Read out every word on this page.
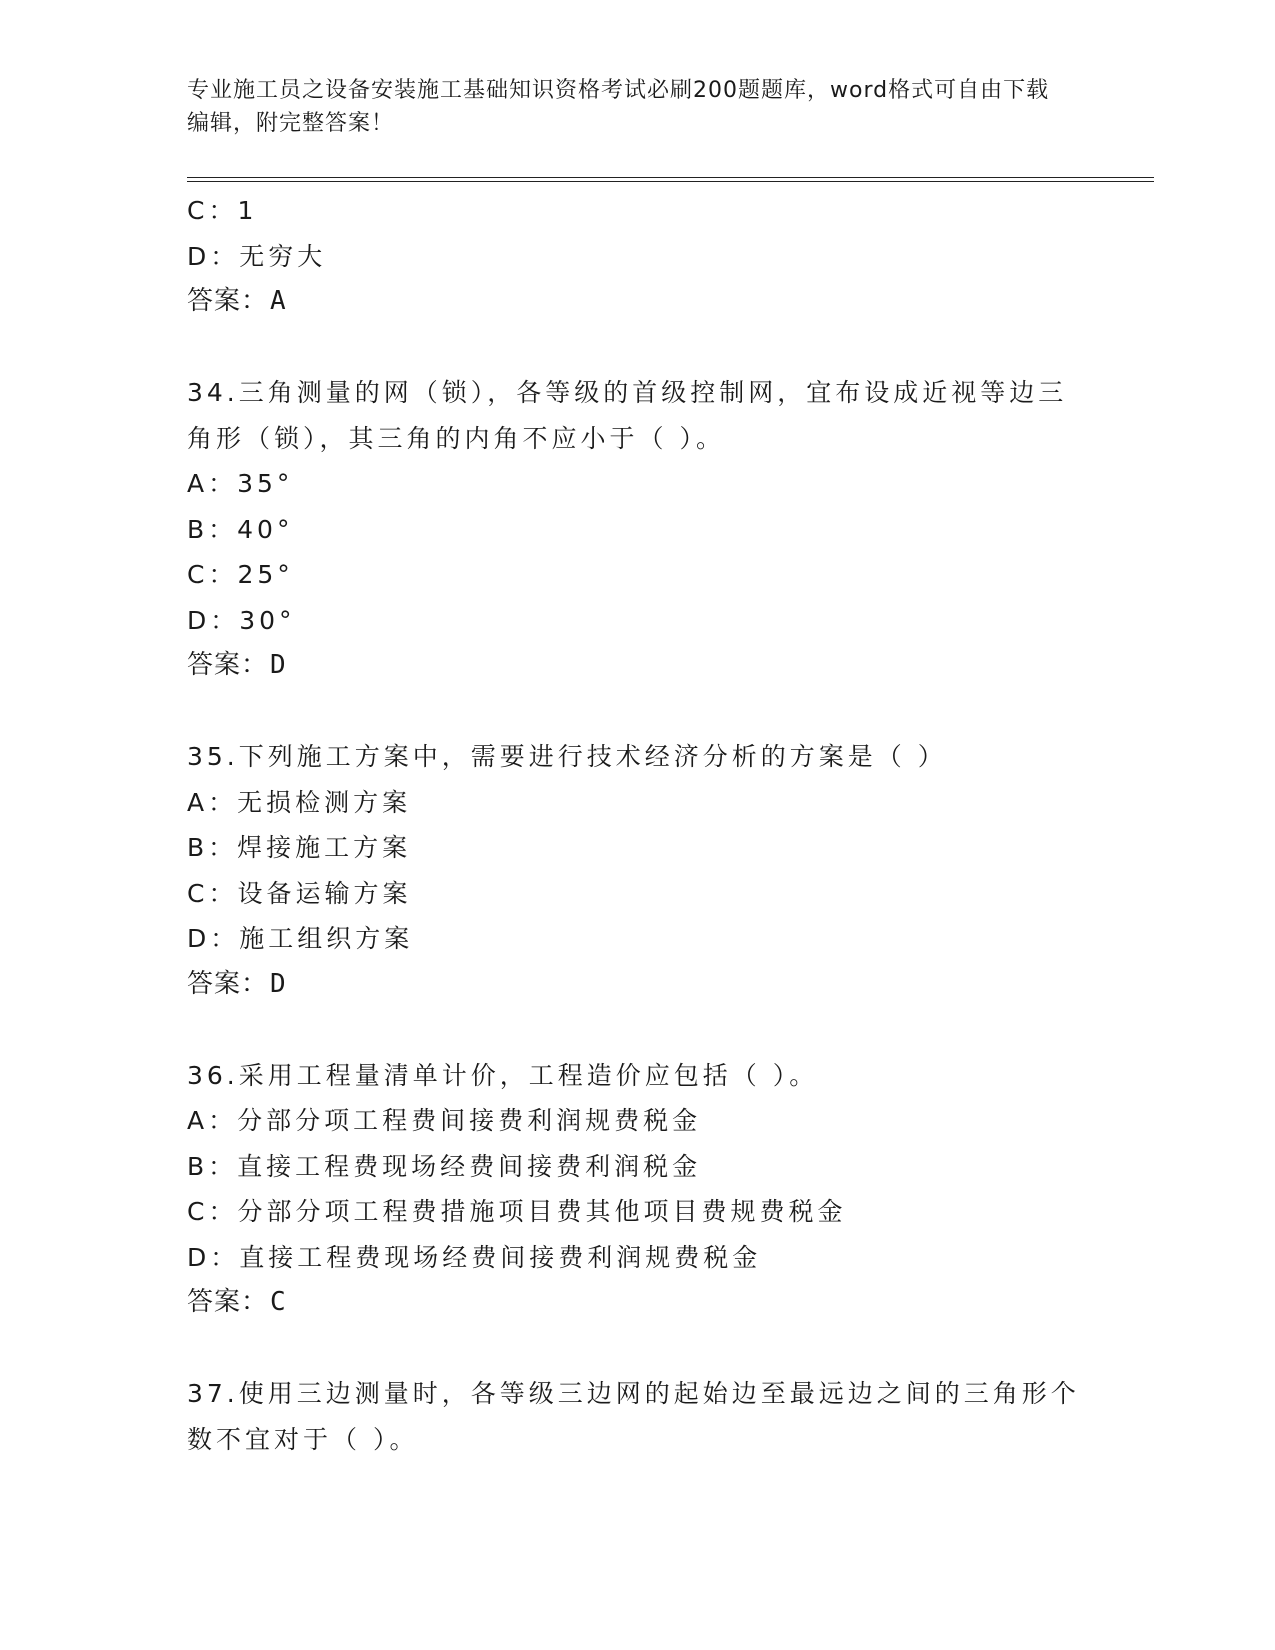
专业施工员之设备安装施工基础知识资格考试必刷200题题库，word格式可自由下载编辑，附完整答案！
C：1
D：无穷大
答案：A
34.三角测量的网（锁），各等级的首级控制网，宜布设成近视等边三
角形（锁），其三角的内角不应小于（ ）。
A：35°
B：40°
C：25°
D：30°
答案：D
35.下列施工方案中，需要进行技术经济分析的方案是（ ）
A：无损检测方案
B：焊接施工方案
C：设备运输方案
D：施工组织方案
答案：D
36.采用工程量清单计价，工程造价应包括（ ）。
A：分部分项工程费间接费利润规费税金
B：直接工程费现场经费间接费利润税金
C：分部分项工程费措施项目费其他项目费规费税金
D：直接工程费现场经费间接费利润规费税金
答案：C
37.使用三边测量时，各等级三边网的起始边至最远边之间的三角形个
数不宜对于（ ）。
